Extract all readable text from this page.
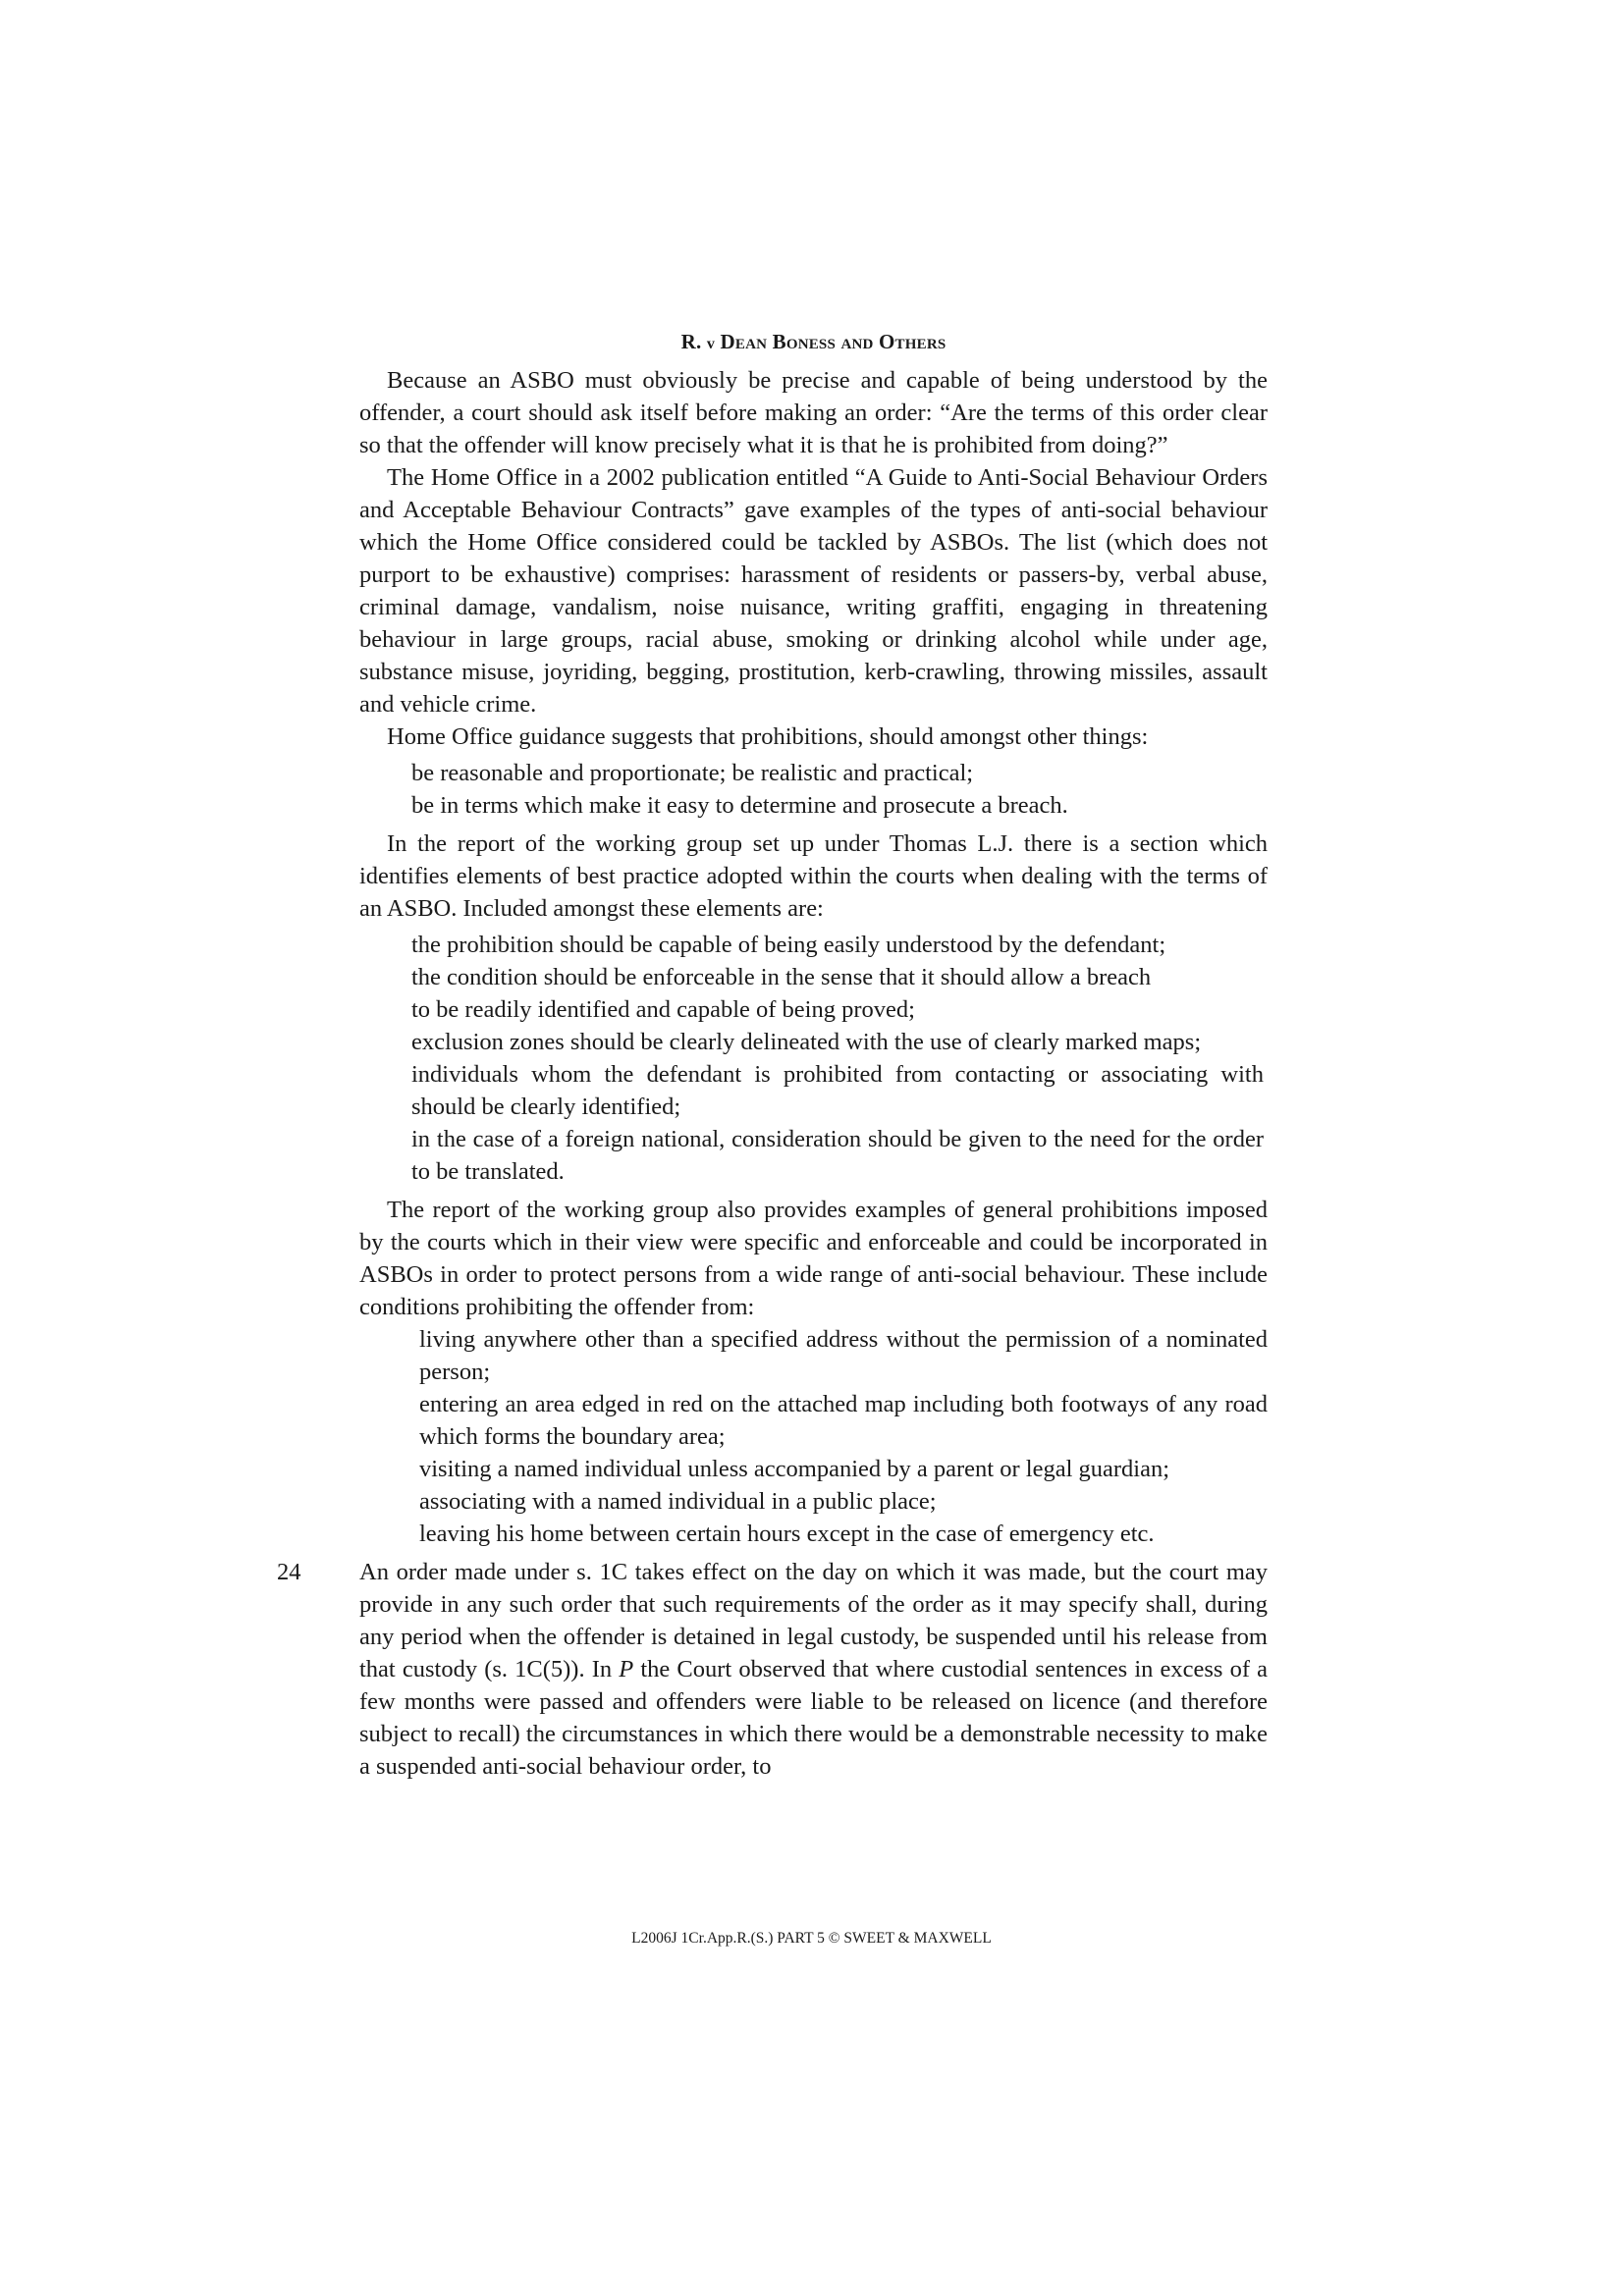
R. v Dean Boness and Others

Because an ASBO must obviously be precise and capable of being understood by the offender, a court should ask itself before making an order: “Are the terms of this order clear so that the offender will know precisely what it is that he is prohibited from doing?”

The Home Office in a 2002 publication entitled “A Guide to Anti-Social Behaviour Orders and Acceptable Behaviour Contracts” gave examples of the types of anti-social behaviour which the Home Office considered could be tackled by ASBOs. The list (which does not purport to be exhaustive) comprises: harassment of residents or passers-by, verbal abuse, criminal damage, vandalism, noise nuisance, writing graffiti, engaging in threatening behaviour in large groups, racial abuse, smoking or drinking alcohol while under age, substance misuse, joyriding, begging, prostitution, kerb-crawling, throwing missiles, assault and vehicle crime.

Home Office guidance suggests that prohibitions, should amongst other things:

be reasonable and proportionate; be realistic and practical;
be in terms which make it easy to determine and prosecute a breach.

In the report of the working group set up under Thomas L.J. there is a section which identifies elements of best practice adopted within the courts when dealing with the terms of an ASBO. Included amongst these elements are:

the prohibition should be capable of being easily understood by the defendant;
the condition should be enforceable in the sense that it should allow a breach
to be readily identified and capable of being proved;
exclusion zones should be clearly delineated with the use of clearly marked maps;
individuals whom the defendant is prohibited from contacting or associating with should be clearly identified;
in the case of a foreign national, consideration should be given to the need for the order to be translated.

The report of the working group also provides examples of general prohibitions imposed by the courts which in their view were specific and enforceable and could be incorporated in ASBOs in order to protect persons from a wide range of anti-social behaviour. These include conditions prohibiting the offender from:

living anywhere other than a specified address without the permission of a nominated person;
entering an area edged in red on the attached map including both footways of any road which forms the boundary area;
visiting a named individual unless accompanied by a parent or legal guardian;
associating with a named individual in a public place;
leaving his home between certain hours except in the case of emergency etc.
24	An order made under s. 1C takes effect on the day on which it was made, but the court may provide in any such order that such requirements of the order as it may specify shall, during any period when the offender is detained in legal custody, be suspended until his release from that custody (s. 1C(5)). In P the Court observed that where custodial sentences in excess of a few months were passed and offenders were liable to be released on licence (and therefore subject to recall) the circumstances in which there would be a demonstrable necessity to make a suspended anti-social behaviour order, to

L2006J 1Cr.App.R.(S.) PART 5 © SWEET & MAXWELL
